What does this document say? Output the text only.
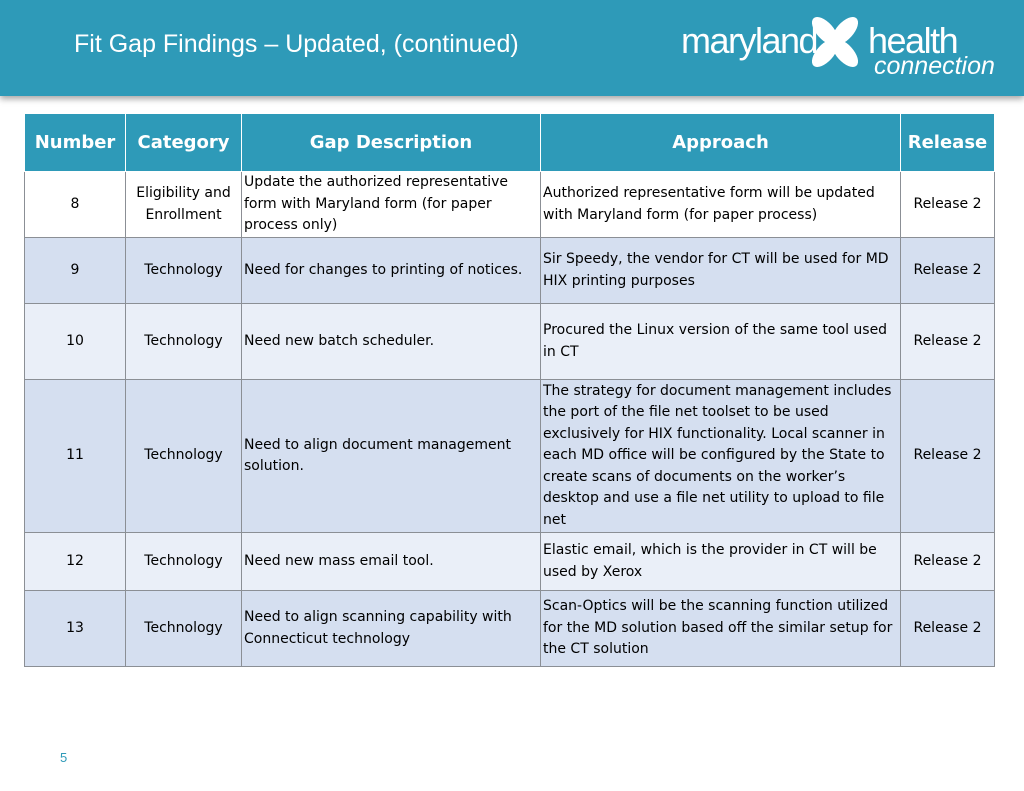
Fit Gap Findings – Updated, (continued)	maryland health
connection
Number	Category	Gap Description	Approach	Release
8	Eligibility and Enrollment	Update the authorized representative form with Maryland form (for paper process only)	Authorized representative form will be updated with Maryland form (for paper process)	Release 2
9	Technology	Need for changes to printing of notices.	Sir Speedy, the vendor for CT will be used for MD HIX printing purposes	Release 2
10	Technology	Need new batch scheduler.	Procured the Linux version of the same tool used in CT	Release 2
11	Technology	Need to align document management solution.	The strategy for document management includes the port of the file net toolset to be used exclusively for HIX functionality. Local scanner in each MD office will be configured by the State to create scans of documents on the worker’s desktop and use a file net utility to upload to file net	Release 2
12	Technology	Need new mass email tool.	Elastic email, which is the provider in CT will be used by Xerox	Release 2
13	Technology	Need to align scanning capability with Connecticut technology	Scan-Optics will be the scanning function utilized for the MD solution based off the similar setup for the CT solution	Release 2
5
